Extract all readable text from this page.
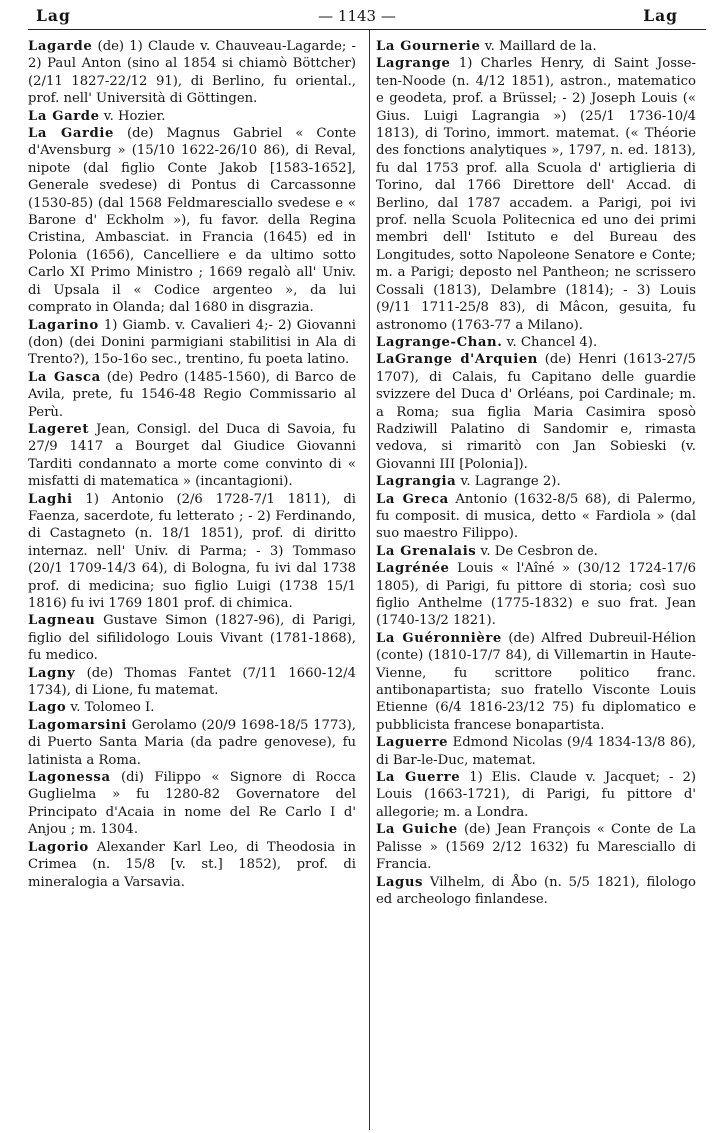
Lag	— 1143 —	Lag

Lagarde (de) 1) Claude v. Chauveau-Lagarde; - 2) Paul Anton (sino al 1854 si chiamò Böttcher) (2/11 1827-22/12 91), di Berlino, fu oriental., prof. nell' Università di Göttingen.

La Garde v. Hozier.

La Gardie (de) Magnus Gabriel « Conte d'Avensburg » (15/10 1622-26/10 86), di Reval, nipote (dal figlio Conte Jakob [1583-1652], Generale svedese) di Pontus di Carcassonne (1530-85) (dal 1568 Feldmaresciallo svedese e « Barone d' Eckholm »), fu favor. della Regina Cristina, Ambasciat. in Francia (1645) ed in Polonia (1656), Cancelliere e da ultimo sotto Carlo XI Primo Ministro ; 1669 regalò all' Univ. di Upsala il « Codice argenteo », da lui comprato in Olanda; dal 1680 in disgrazia.

Lagarino 1) Giamb. v. Cavalieri 4;- 2) Giovanni (don) (dei Donini parmigiani stabilitisi in Ala di Trento?), 15o-16o sec., trentino, fu poeta latino.

La Gasca (de) Pedro (1485-1560), di Barco de Avila, prete, fu 1546-48 Regio Commissario al Perù.

Lageret Jean, Consigl. del Duca di Savoia, fu 27/9 1417 a Bourget dal Giudice Giovanni Tarditi condannato a morte come convinto di « misfatti di matematica » (incantagioni).

Laghi 1) Antonio (2/6 1728-7/1 1811), di Faenza, sacerdote, fu letterato ; - 2) Ferdinando, di Castagneto (n. 18/1 1851), prof. di diritto internaz. nell' Univ. di Parma; - 3) Tommaso (20/1 1709-14/3 64), di Bologna, fu ivi dal 1738 prof. di medicina; suo figlio Luigi (1738 15/1 1816) fu ivi 1769 1801 prof. di chimica.

Lagneau Gustave Simon (1827-96), di Parigi, figlio del sifilidologo Louis Vivant (1781-1868), fu medico.

Lagny (de) Thomas Fantet (7/11 1660-12/4 1734), di Lione, fu matemat.

Lago v. Tolomeo I.

Lagomarsini Gerolamo (20/9 1698-18/5 1773), di Puerto Santa Maria (da padre genovese), fu latinista a Roma.

Lagonessa (di) Filippo « Signore di Rocca Guglielma » fu 1280-82 Governatore del Principato d'Acaia in nome del Re Carlo I d' Anjou ; m. 1304.

Lagorio Alexander Karl Leo, di Theodosia in Crimea (n. 15/8 [v. st.] 1852), prof. di mineralogia a Varsavia.

La Gournerie v. Maillard de la.

Lagrange 1) Charles Henry, di Saint Josse-ten-Noode (n. 4/12 1851), astron., matematico e geodeta, prof. a Brüssel; - 2) Joseph Louis (« Gius. Luigi Lagrangia ») (25/1 1736-10/4 1813), di Torino, immort. matemat. (« Théorie des fonctions analytiques », 1797, n. ed. 1813), fu dal 1753 prof. alla Scuola d' artiglieria di Torino, dal 1766 Direttore dell' Accad. di Berlino, dal 1787 accadem. a Parigi, poi ivi prof. nella Scuola Politecnica ed uno dei primi membri dell' Istituto e del Bureau des Longitudes, sotto Napoleone Senatore e Conte; m. a Parigi; deposto nel Pantheon; ne scrissero Cossali (1813), Delambre (1814); - 3) Louis (9/11 1711-25/8 83), di Mâcon, gesuita, fu astronomo (1763-77 a Milano).

Lagrange-Chan. v. Chancel 4).

LaGrange d'Arquien (de) Henri (1613-27/5 1707), di Calais, fu Capitano delle guardie svizzere del Duca d' Orléans, poi Cardinale; m. a Roma; sua figlia Maria Casimira sposò Radziwill Palatino di Sandomir e, rimasta vedova, si rimaritò con Jan Sobieski (v. Giovanni III [Polonia]).

Lagrangia v. Lagrange 2).

La Greca Antonio (1632-8/5 68), di Palermo, fu composit. di musica, detto « Fardiola » (dal suo maestro Filippo).

La Grenalais v. De Cesbron de.

Lagrénée Louis « l'Aîné » (30/12 1724-17/6 1805), di Parigi, fu pittore di storia; così suo figlio Anthelme (1775-1832) e suo frat. Jean (1740-13/2 1821).

La Guéronnière (de) Alfred Dubreuil-Hélion (conte) (1810-17/7 84), di Villemartin in Haute-Vienne, fu scrittore politico franc. antibonapartista; suo fratello Visconte Louis Etienne (6/4 1816-23/12 75) fu diplomatico e pubblicista francese bonapartista.

Laguerre Edmond Nicolas (9/4 1834-13/8 86), di Bar-le-Duc, matemat.

La Guerre 1) Elis. Claude v. Jacquet; - 2) Louis (1663-1721), di Parigi, fu pittore d' allegorie; m. a Londra.

La Guiche (de) Jean François « Conte de La Palisse » (1569 2/12 1632) fu Maresciallo di Francia.

Lagus Vilhelm, di Åbo (n. 5/5 1821), filologo ed archeologo finlandese.
